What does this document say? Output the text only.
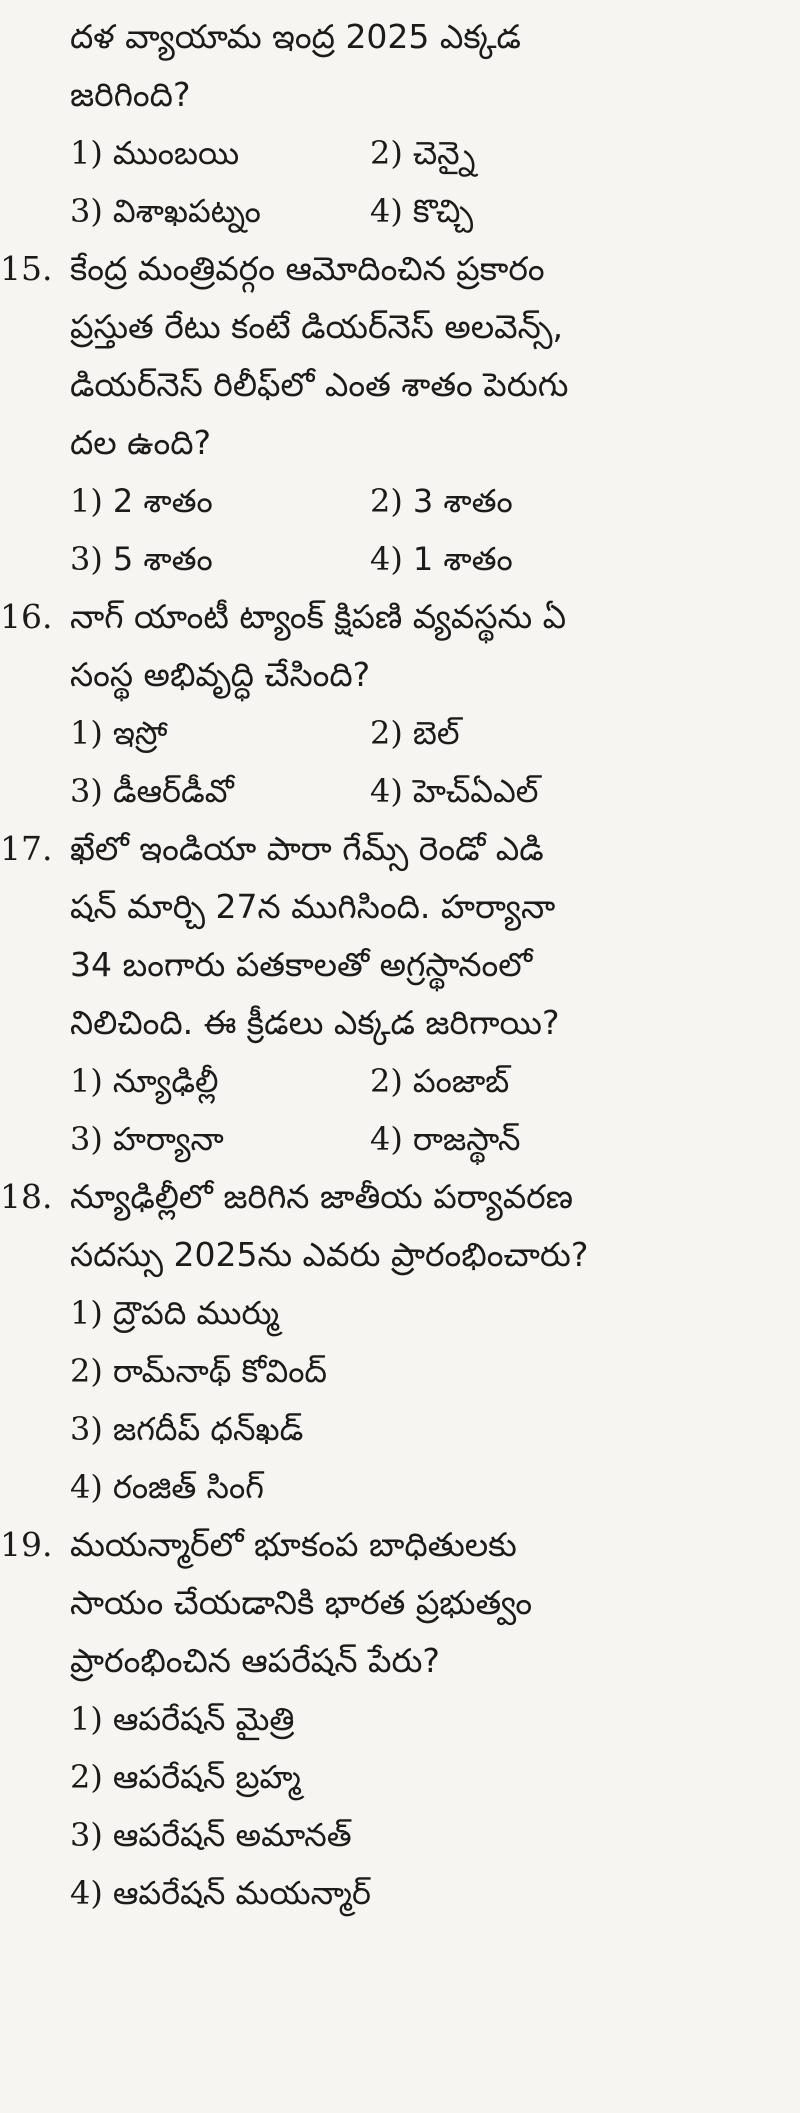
దళ వ్యాయామ ఇంద్ర 2025 ఎక్కడ
జరిగింది?
1) ముంబయి	2) చెన్నై
3) విశాఖపట్నం	4) కొచ్చి
15. కేంద్ర మంత్రివర్గం ఆమోదించిన ప్రకారం
ప్రస్తుత రేటు కంటే డియర్‌నెస్ అలవెన్స్,
డియర్‌నెస్ రిలీఫ్‌లో ఎంత శాతం పెరుగు
దల ఉంది?
1) 2 శాతం	2) 3 శాతం
3) 5 శాతం	4) 1 శాతం
16. నాగ్ యాంటీ ట్యాంక్ క్షిపణి వ్యవస్థను ఏ
సంస్థ అభివృద్ధి చేసింది?
1) ఇస్రో	2) బెల్
3) డీఆర్‌డీవో	4) హెచ్ఏఎల్
17. ఖేలో ఇండియా పారా గేమ్స్ రెండో ఎడి
షన్ మార్చి 27న ముగిసింది. హర్యానా
34 బంగారు పతకాలతో అగ్రస్థానంలో
నిలిచింది. ఈ క్రీడలు ఎక్కడ జరిగాయి?
1) న్యూఢిల్లీ	2) పంజాబ్
3) హర్యానా	4) రాజస్థాన్
18. న్యూఢిల్లీలో జరిగిన జాతీయ పర్యావరణ
సదస్సు 2025ను ఎవరు ప్రారంభించారు?
1) ద్రౌపది ముర్ము
2) రామ్‌నాథ్ కోవింద్
3) జగదీప్ ధన్‌ఖడ్
4) రంజిత్ సింగ్
19. మయన్మార్‌లో భూకంప బాధితులకు
సాయం చేయడానికి భారత ప్రభుత్వం
ప్రారంభించిన ఆపరేషన్ పేరు?
1) ఆపరేషన్ మైత్రి
2) ఆపరేషన్ బ్రహ్మ
3) ఆపరేషన్ అమానత్
4) ఆపరేషన్ మయన్మార్
